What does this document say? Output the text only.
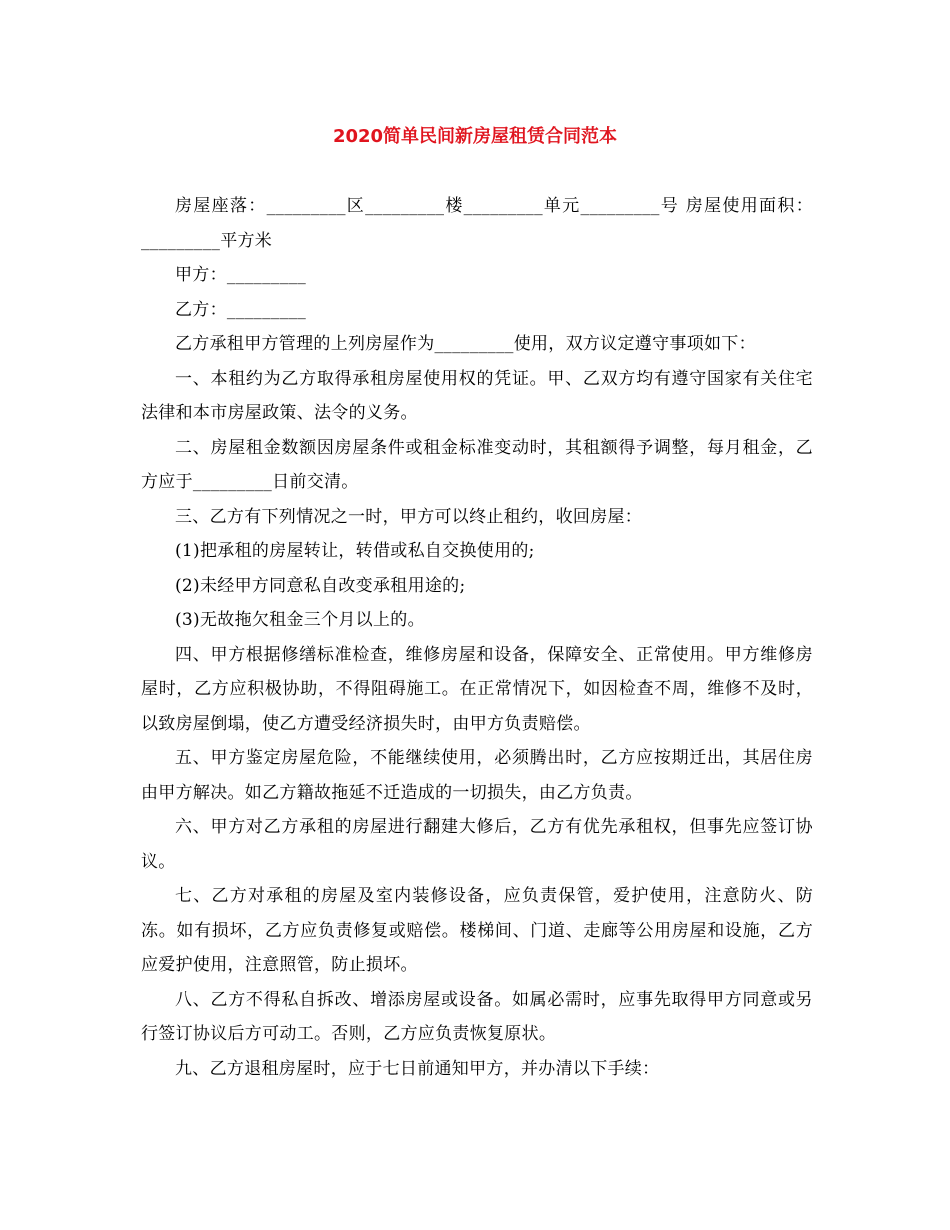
2020简单民间新房屋租赁合同范本

房屋座落：_________区_________楼_________单元_________号 房屋使用面积：_________平方米

甲方：_________

乙方：_________

乙方承租甲方管理的上列房屋作为_________使用，双方议定遵守事项如下：

一、本租约为乙方取得承租房屋使用权的凭证。甲、乙双方均有遵守国家有关住宅法律和本市房屋政策、法令的义务。

二、房屋租金数额因房屋条件或租金标准变动时，其租额得予调整，每月租金，乙方应于_________日前交清。

三、乙方有下列情况之一时，甲方可以终止租约，收回房屋：

(1)把承租的房屋转让，转借或私自交换使用的;

(2)未经甲方同意私自改变承租用途的;

(3)无故拖欠租金三个月以上的。

四、甲方根据修缮标准检查，维修房屋和设备，保障安全、正常使用。甲方维修房屋时，乙方应积极协助，不得阻碍施工。在正常情况下，如因检查不周，维修不及时，以致房屋倒塌，使乙方遭受经济损失时，由甲方负责赔偿。

五、甲方鉴定房屋危险，不能继续使用，必须腾出时，乙方应按期迁出，其居住房由甲方解决。如乙方籍故拖延不迁造成的一切损失，由乙方负责。

六、甲方对乙方承租的房屋进行翻建大修后，乙方有优先承租权，但事先应签订协议。

七、乙方对承租的房屋及室内装修设备，应负责保管，爱护使用，注意防火、防冻。如有损坏，乙方应负责修复或赔偿。楼梯间、门道、走廊等公用房屋和设施，乙方应爱护使用，注意照管，防止损坏。

八、乙方不得私自拆改、增添房屋或设备。如属必需时，应事先取得甲方同意或另行签订协议后方可动工。否则，乙方应负责恢复原状。

九、乙方退租房屋时，应于七日前通知甲方，并办清以下手续：
